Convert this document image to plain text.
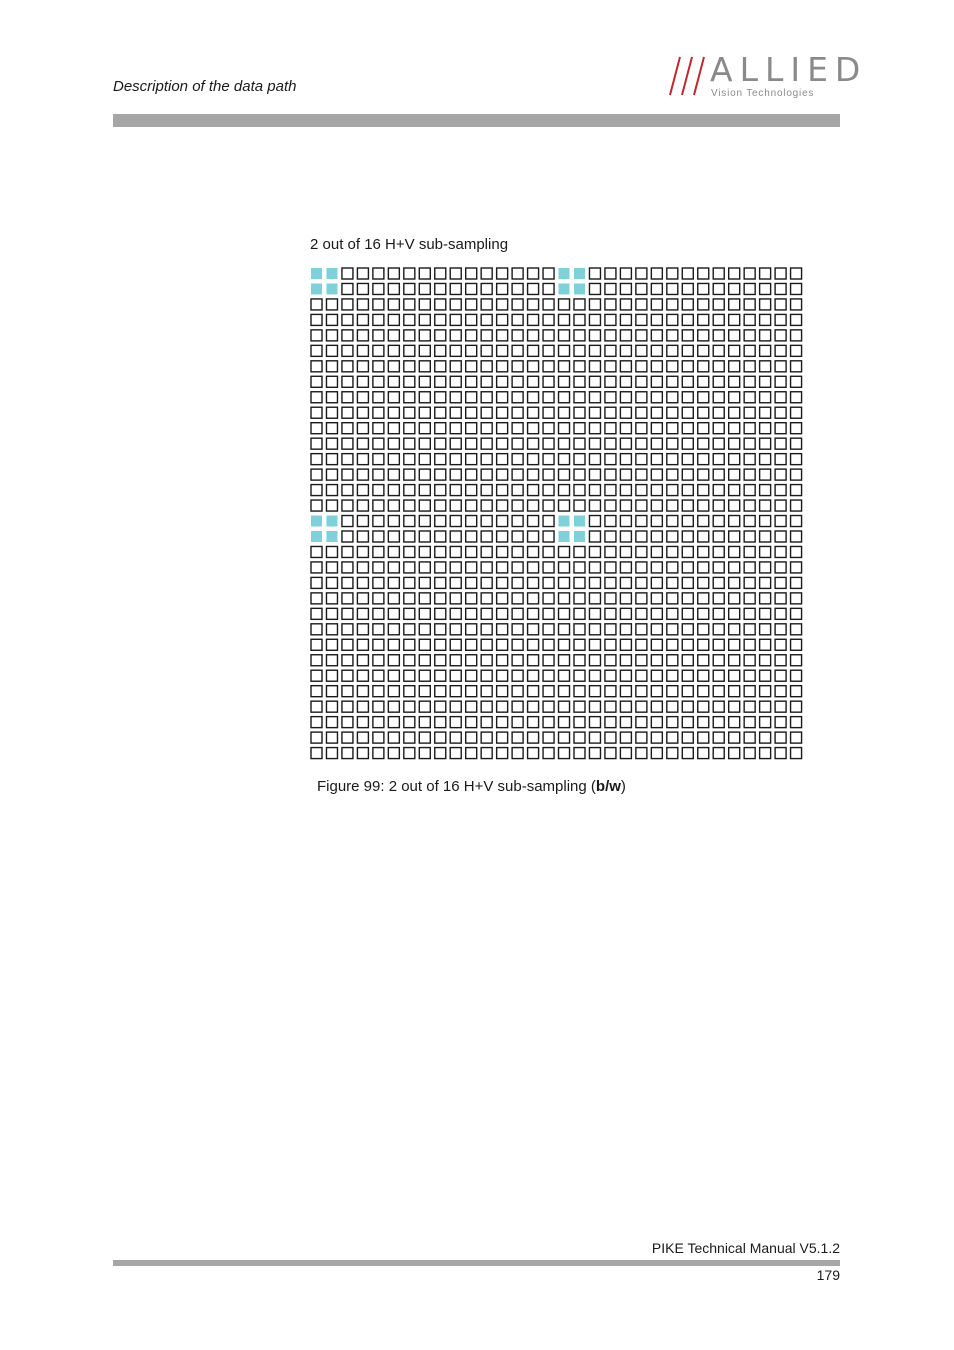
Description of the data path	ALLIED
Vision Technologies
2 out of 16 H+V sub-sampling
Figure 99: 2 out of 16 H+V sub-sampling (b/w)
PIKE Technical Manual V5.1.2
179
